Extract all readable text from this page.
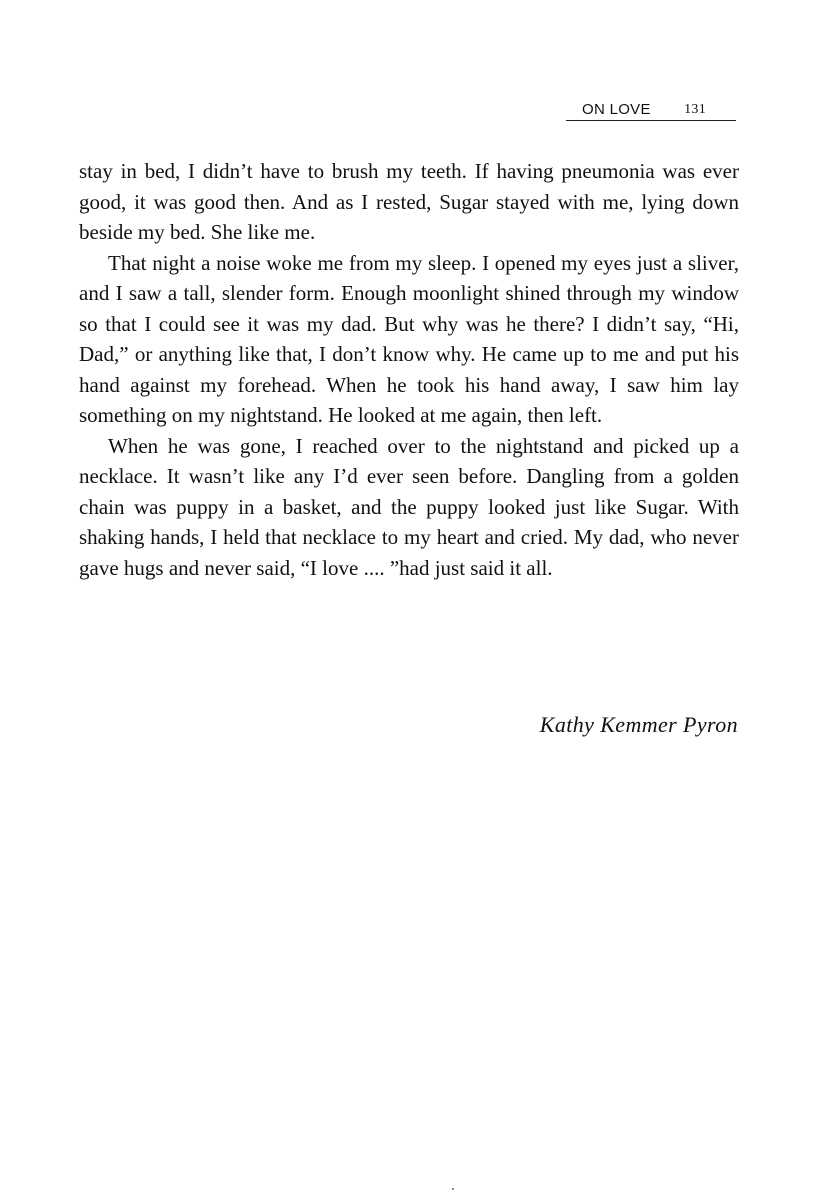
ON LOVE 131

stay in bed, I didn’t have to brush my teeth. If having pneumonia was ever good, it was good then. And as I rested, Sugar stayed with me, lying down beside my bed. She like me.

That night a noise woke me from my sleep. I opened my eyes just a sliver, and I saw a tall, slender form. Enough moonlight shined through my window so that I could see it was my dad. But why was he there? I didn’t say, “Hi, Dad,” or anything like that, I don’t know why. He came up to me and put his hand against my forehead. When he took his hand away, I saw him lay something on my nightstand. He looked at me again, then left.

When he was gone, I reached over to the nightstand and picked up a necklace. It wasn’t like any I’d ever seen before. Dangling from a golden chain was puppy in a basket, and the puppy looked just like Sugar. With shaking hands, I held that necklace to my heart and cried. My dad, who never gave hugs and never said, “I love .... ”had just said it all.

Kathy Kemmer Pyron
